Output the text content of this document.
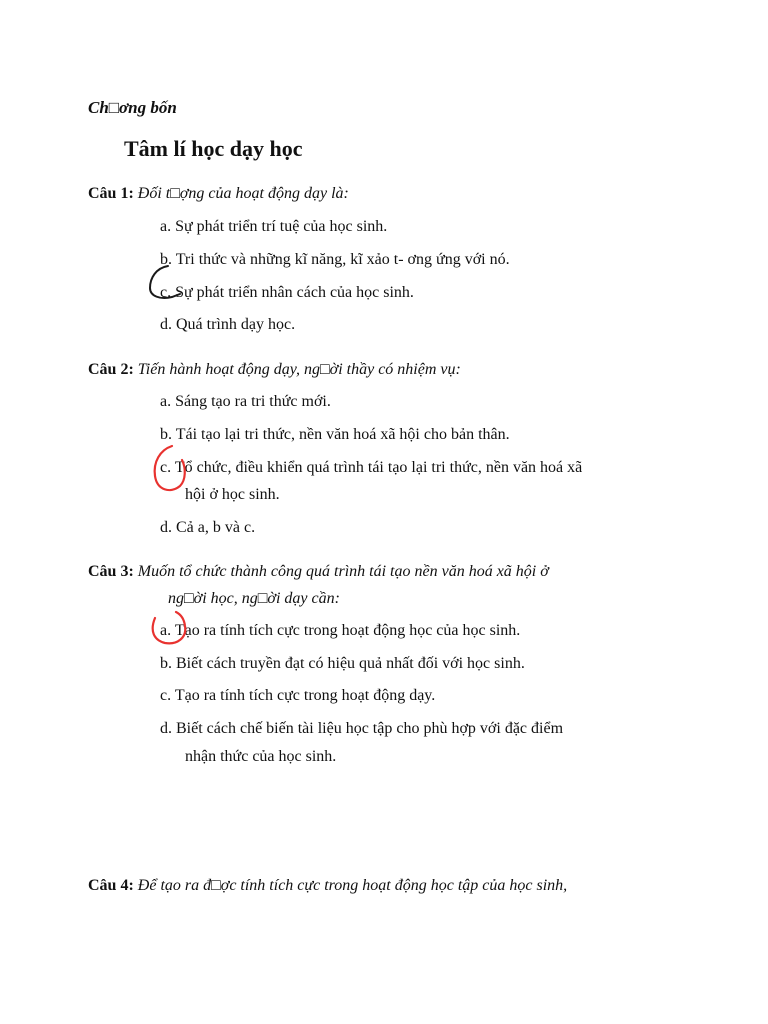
Ch□ơng bốn
Tâm lí học dạy học
Câu 1: Đối t□ợng của hoạt động dạy là:
a. Sự phát triển trí tuệ của học sinh.
b. Tri thức và những kĩ năng, kĩ xảo t- ơng ứng với nó.
c. Sự phát triển nhân cách của học sinh.
d. Quá trình dạy học.
Câu 2: Tiến hành hoạt động dạy, ng□ời thầy có nhiệm vụ:
a. Sáng tạo ra tri thức mới.
b. Tái tạo lại tri thức, nền văn hoá xã hội cho bản thân.
c. Tổ chức, điều khiển quá trình tái tạo lại tri thức, nền văn hoá xã
hội ở học sinh.
d. Cả a, b và c.
Câu 3: Muốn tổ chức thành công quá trình tái tạo nền văn hoá xã hội ở
ng□ời học, ng□ời dạy cần:
a. Tạo ra tính tích cực trong hoạt động học của học sinh.
b. Biết cách truyền đạt có hiệu quả nhất đối với học sinh.
c. Tạo ra tính tích cực trong hoạt động dạy.
d. Biết cách chế biến tài liệu học tập cho phù hợp với đặc điểm
nhận thức của học sinh.
Câu 4: Để tạo ra đ□ợc tính tích cực trong hoạt động học tập của học sinh,
